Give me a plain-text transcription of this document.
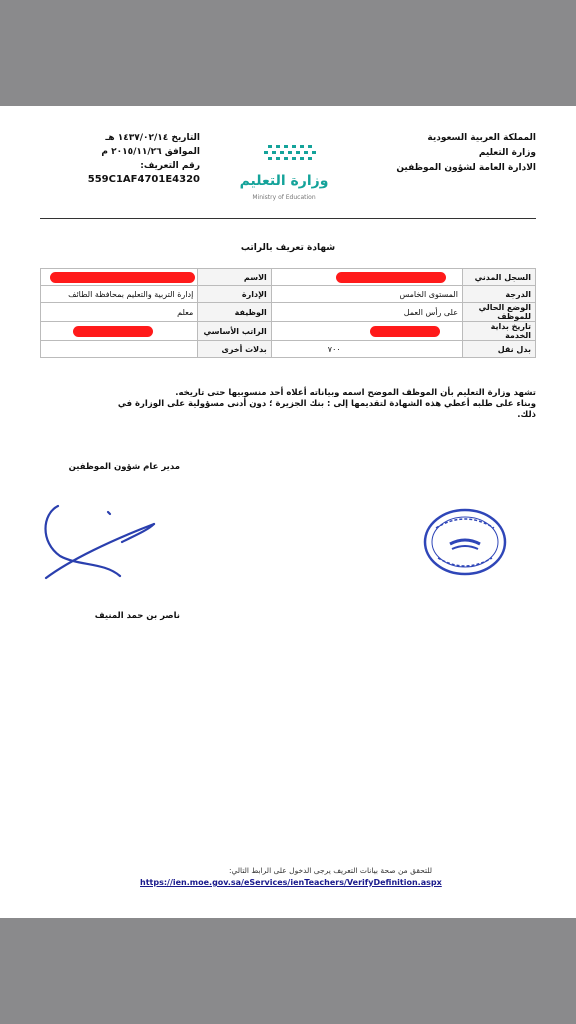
المملكة العربية السعودية
وزارة التعليم
الادارة العامة لشؤون الموظفين
التاريخ ١٤٣٧/٠٢/١٤ هـ
الموافق ٢٠١٥/١١/٢٦ م
رقم التعريف: 559C1AF4701E4320	وزارة التعليم
Ministry of Education
شهادة تعريف بالراتب
السجل المدني		الاسم	
الدرجة	المستوى الخامس	الإدارة	إدارة التربية والتعليم بمحافظة الطائف
الوضع الحالي للموظف	على رأس العمل	الوظيفة	معلم
تاريخ بداية الخدمة		الراتب الأساسي	
بدل نقل	٧٠٠	بدلات أخرى	
تشهد وزارة التعليم بأن الموظف الموضح اسمه وبياناته أعلاه أحد منسوبيها حتى تاريخه.
وبناء على طلبه أعطي هذه الشهادة لتقديمها إلى : بنك الجزيرة ؛ دون أدنى مسؤولية على الوزارة في ذلك.
مدير عام شؤون الموظفين
ناصر بن حمد المنيف
للتحقق من صحة بيانات التعريف يرجى الدخول على الرابط التالي:
https://ien.moe.gov.sa/eServices/ienTeachers/VerifyDefinition.aspx
